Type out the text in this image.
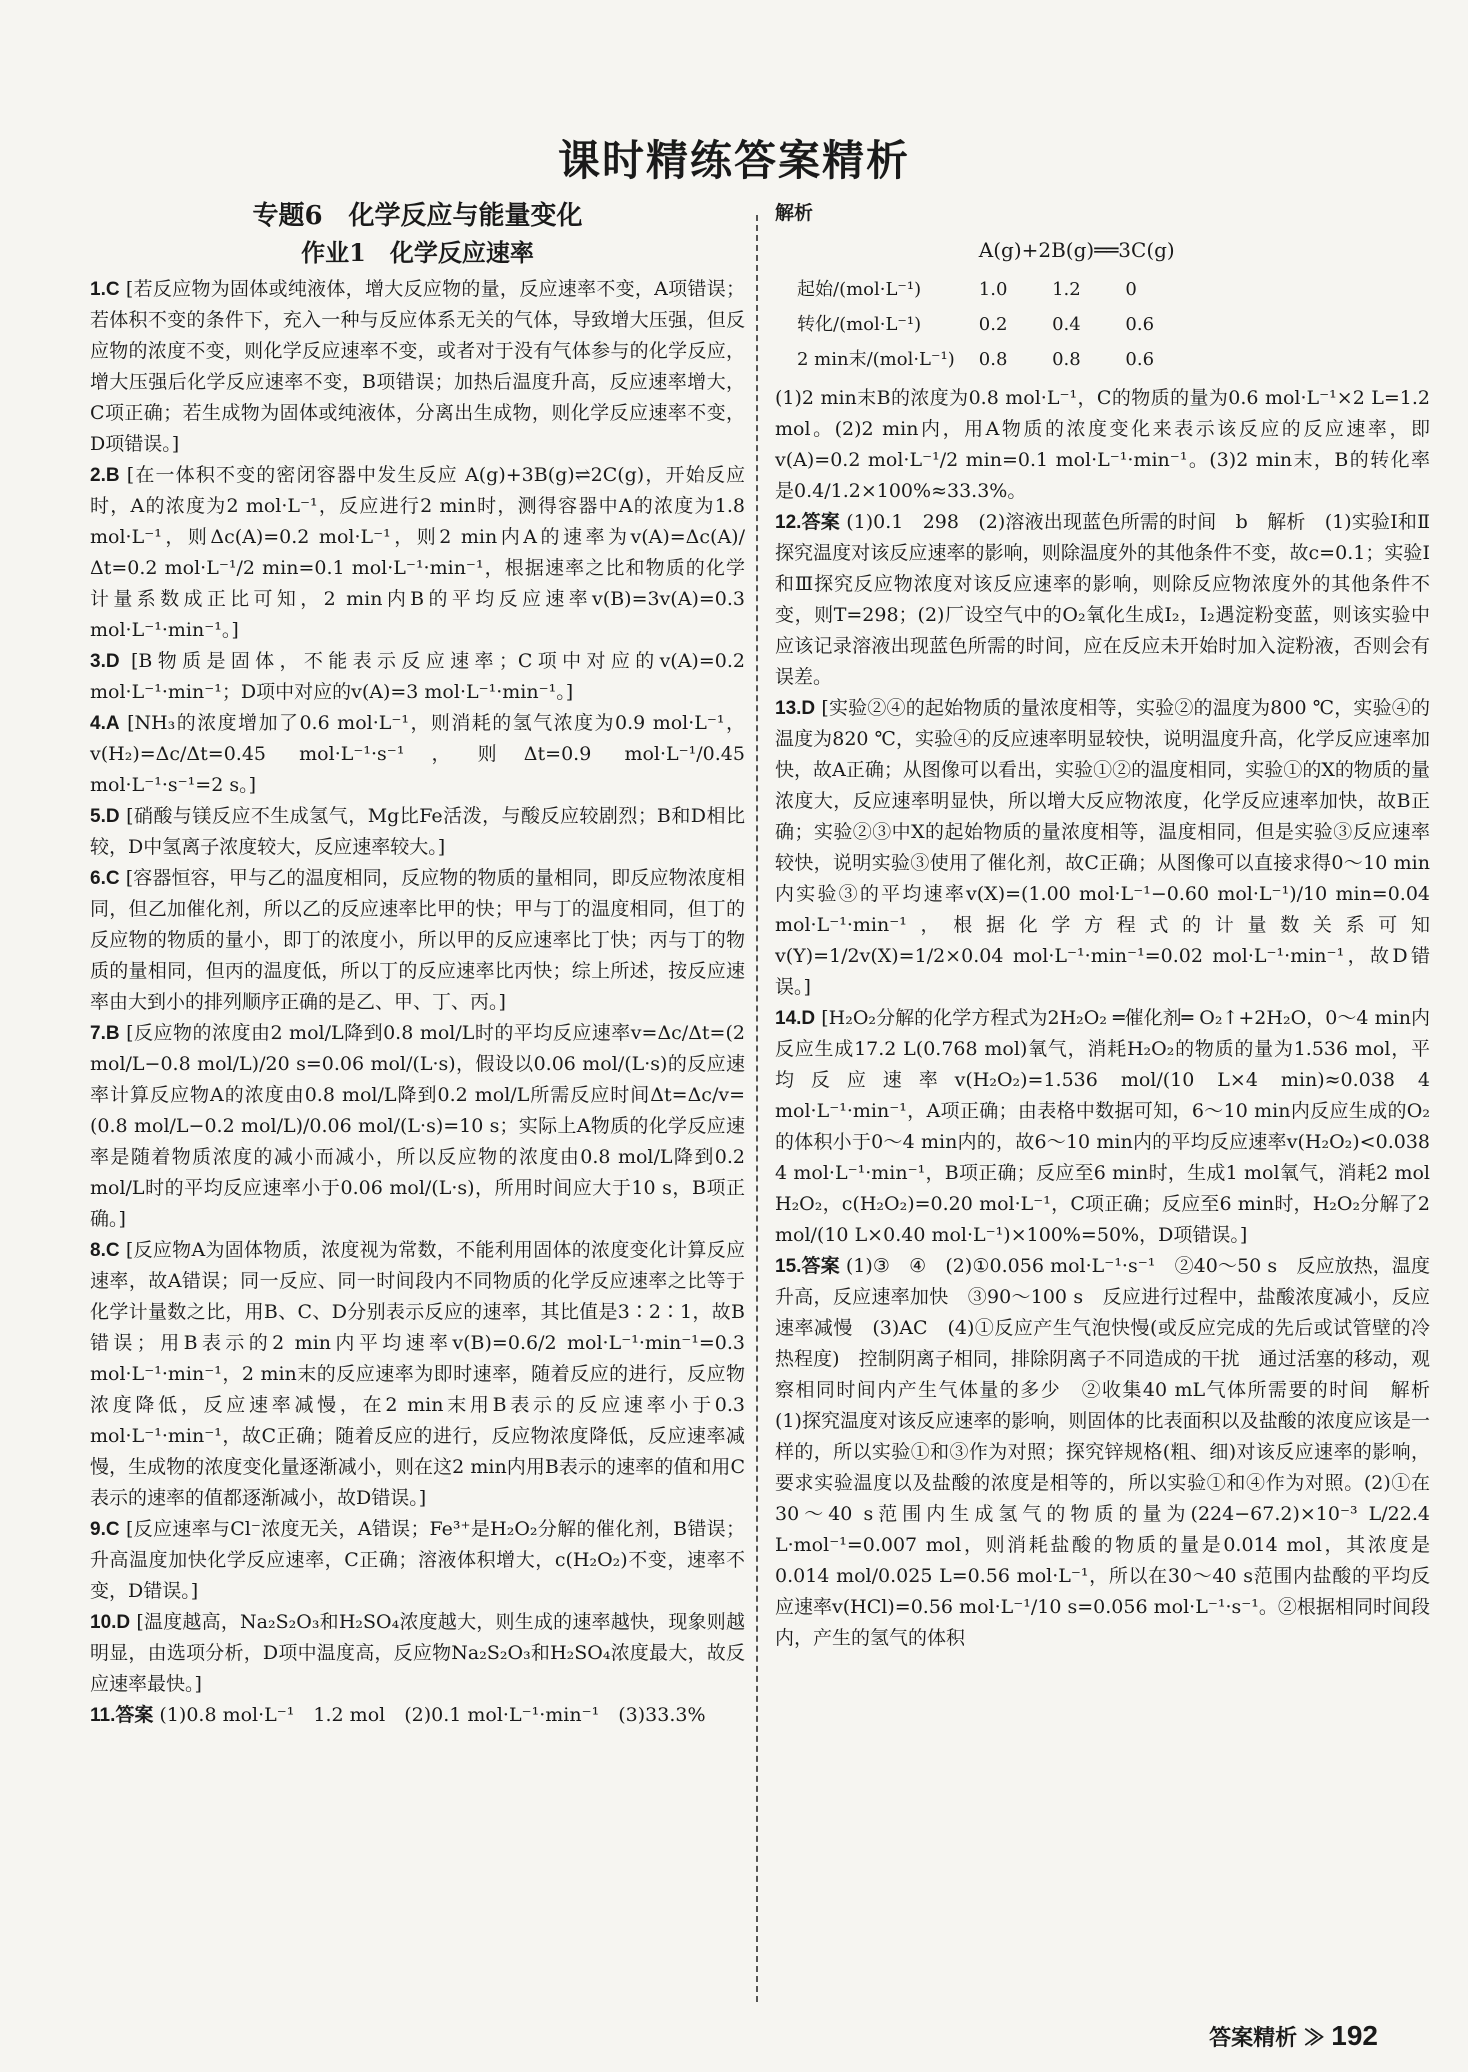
课时精练答案精析
专题6　化学反应与能量变化
作业1　化学反应速率

1.C [若反应物为固体或纯液体，增大反应物的量，反应速率不变，A项错误；若体积不变的条件下，充入一种与反应体系无关的气体，导致增大压强，但反应物的浓度不变，则化学反应速率不变，或者对于没有气体参与的化学反应，增大压强后化学反应速率不变，B项错误；加热后温度升高，反应速率增大，C项正确；若生成物为固体或纯液体，分离出生成物，则化学反应速率不变，D项错误。]

2.B [在一体积不变的密闭容器中发生反应 A(g)+3B(g)⇌2C(g)，开始反应时，A的浓度为2 mol·L⁻¹，反应进行2 min时，测得容器中A的浓度为1.8 mol·L⁻¹，则Δc(A)=0.2 mol·L⁻¹，则2 min内A的速率为v(A)=Δc(A)/Δt=0.2 mol·L⁻¹/2 min=0.1 mol·L⁻¹·min⁻¹，根据速率之比和物质的化学计量系数成正比可知，2 min内B的平均反应速率v(B)=3v(A)=0.3 mol·L⁻¹·min⁻¹。]

3.D [B物质是固体，不能表示反应速率；C项中对应的v(A)=0.2 mol·L⁻¹·min⁻¹；D项中对应的v(A)=3 mol·L⁻¹·min⁻¹。]

4.A [NH₃的浓度增加了0.6 mol·L⁻¹，则消耗的氢气浓度为0.9 mol·L⁻¹，v(H₂)=Δc/Δt=0.45 mol·L⁻¹·s⁻¹，则Δt=0.9 mol·L⁻¹/0.45 mol·L⁻¹·s⁻¹=2 s。]

5.D [硝酸与镁反应不生成氢气，Mg比Fe活泼，与酸反应较剧烈；B和D相比较，D中氢离子浓度较大，反应速率较大。]

6.C [容器恒容，甲与乙的温度相同，反应物的物质的量相同，即反应物浓度相同，但乙加催化剂，所以乙的反应速率比甲的快；甲与丁的温度相同，但丁的反应物的物质的量小，即丁的浓度小，所以甲的反应速率比丁快；丙与丁的物质的量相同，但丙的温度低，所以丁的反应速率比丙快；综上所述，按反应速率由大到小的排列顺序正确的是乙、甲、丁、丙。]

7.B [反应物的浓度由2 mol/L降到0.8 mol/L时的平均反应速率v=Δc/Δt=(2 mol/L−0.8 mol/L)/20 s=0.06 mol/(L·s)，假设以0.06 mol/(L·s)的反应速率计算反应物A的浓度由0.8 mol/L降到0.2 mol/L所需反应时间Δt=Δc/v=(0.8 mol/L−0.2 mol/L)/0.06 mol/(L·s)=10 s；实际上A物质的化学反应速率是随着物质浓度的减小而减小，所以反应物的浓度由0.8 mol/L降到0.2 mol/L时的平均反应速率小于0.06 mol/(L·s)，所用时间应大于10 s，B项正确。]

8.C [反应物A为固体物质，浓度视为常数，不能利用固体的浓度变化计算反应速率，故A错误；同一反应、同一时间段内不同物质的化学反应速率之比等于化学计量数之比，用B、C、D分别表示反应的速率，其比值是3∶2∶1，故B错误；用B表示的2 min内平均速率v(B)=0.6/2 mol·L⁻¹·min⁻¹=0.3 mol·L⁻¹·min⁻¹，2 min末的反应速率为即时速率，随着反应的进行，反应物浓度降低，反应速率减慢，在2 min末用B表示的反应速率小于0.3 mol·L⁻¹·min⁻¹，故C正确；随着反应的进行，反应物浓度降低，反应速率减慢，生成物的浓度变化量逐渐减小，则在这2 min内用B表示的速率的值和用C表示的速率的值都逐渐减小，故D错误。]

9.C [反应速率与Cl⁻浓度无关，A错误；Fe³⁺是H₂O₂分解的催化剂，B错误；升高温度加快化学反应速率，C正确；溶液体积增大，c(H₂O₂)不变，速率不变，D错误。]

10.D [温度越高，Na₂S₂O₃和H₂SO₄浓度越大，则生成的速率越快，现象则越明显，由选项分析，D项中温度高，反应物Na₂S₂O₃和H₂SO₄浓度最大，故反应速率最快。]

11.答案 (1)0.8 mol·L⁻¹　1.2 mol　(2)0.1 mol·L⁻¹·min⁻¹　(3)33.3%

解析

	A(g)+2B(g)══3C(g)		
起始/(mol·L⁻¹)	1.0	1.2	0
转化/(mol·L⁻¹)	0.2	0.4	0.6
2 min末/(mol·L⁻¹)	0.8	0.8	0.6

(1)2 min末B的浓度为0.8 mol·L⁻¹，C的物质的量为0.6 mol·L⁻¹×2 L=1.2 mol。(2)2 min内，用A物质的浓度变化来表示该反应的反应速率，即v(A)=0.2 mol·L⁻¹/2 min=0.1 mol·L⁻¹·min⁻¹。(3)2 min末，B的转化率是0.4/1.2×100%≈33.3%。

12.答案 (1)0.1　298　(2)溶液出现蓝色所需的时间　b　解析　(1)实验Ⅰ和Ⅱ探究温度对该反应速率的影响，则除温度外的其他条件不变，故c=0.1；实验Ⅰ和Ⅲ探究反应物浓度对该反应速率的影响，则除反应物浓度外的其他条件不变，则T=298；(2)厂设空气中的O₂氧化生成I₂，I₂遇淀粉变蓝，则该实验中应该记录溶液出现蓝色所需的时间，应在反应未开始时加入淀粉液，否则会有误差。

13.D [实验②④的起始物质的量浓度相等，实验②的温度为800 ℃，实验④的温度为820 ℃，实验④的反应速率明显较快，说明温度升高，化学反应速率加快，故A正确；从图像可以看出，实验①②的温度相同，实验①的X的物质的量浓度大，反应速率明显快，所以增大反应物浓度，化学反应速率加快，故B正确；实验②③中X的起始物质的量浓度相等，温度相同，但是实验③反应速率较快，说明实验③使用了催化剂，故C正确；从图像可以直接求得0～10 min内实验③的平均速率v(X)=(1.00 mol·L⁻¹−0.60 mol·L⁻¹)/10 min=0.04 mol·L⁻¹·min⁻¹，根据化学方程式的计量数关系可知v(Y)=1/2v(X)=1/2×0.04 mol·L⁻¹·min⁻¹=0.02 mol·L⁻¹·min⁻¹，故D错误。]

14.D [H₂O₂分解的化学方程式为2H₂O₂ ═催化剂═ O₂↑+2H₂O，0～4 min内反应生成17.2 L(0.768 mol)氧气，消耗H₂O₂的物质的量为1.536 mol，平均反应速率v(H₂O₂)=1.536 mol/(10 L×4 min)≈0.038 4 mol·L⁻¹·min⁻¹，A项正确；由表格中数据可知，6～10 min内反应生成的O₂的体积小于0～4 min内的，故6～10 min内的平均反应速率v(H₂O₂)<0.038 4 mol·L⁻¹·min⁻¹，B项正确；反应至6 min时，生成1 mol氧气，消耗2 mol H₂O₂，c(H₂O₂)=0.20 mol·L⁻¹，C项正确；反应至6 min时，H₂O₂分解了2 mol/(10 L×0.40 mol·L⁻¹)×100%=50%，D项错误。]

15.答案 (1)③　④　(2)①0.056 mol·L⁻¹·s⁻¹　②40～50 s　反应放热，温度升高，反应速率加快　③90～100 s　反应进行过程中，盐酸浓度减小，反应速率减慢　(3)AC　(4)①反应产生气泡快慢(或反应完成的先后或试管壁的冷热程度)　控制阴离子相同，排除阴离子不同造成的干扰　通过活塞的移动，观察相同时间内产生气体量的多少　②收集40 mL气体所需要的时间　解析　(1)探究温度对该反应速率的影响，则固体的比表面积以及盐酸的浓度应该是一样的，所以实验①和③作为对照；探究锌规格(粗、细)对该反应速率的影响，要求实验温度以及盐酸的浓度是相等的，所以实验①和④作为对照。(2)①在30～40 s范围内生成氢气的物质的量为(224−67.2)×10⁻³ L/22.4 L·mol⁻¹=0.007 mol，则消耗盐酸的物质的量是0.014 mol，其浓度是0.014 mol/0.025 L=0.56 mol·L⁻¹，所以在30～40 s范围内盐酸的平均反应速率v(HCl)=0.56 mol·L⁻¹/10 s=0.056 mol·L⁻¹·s⁻¹。②根据相同时间段内，产生的氢气的体积

答案精析 ≫ 192
